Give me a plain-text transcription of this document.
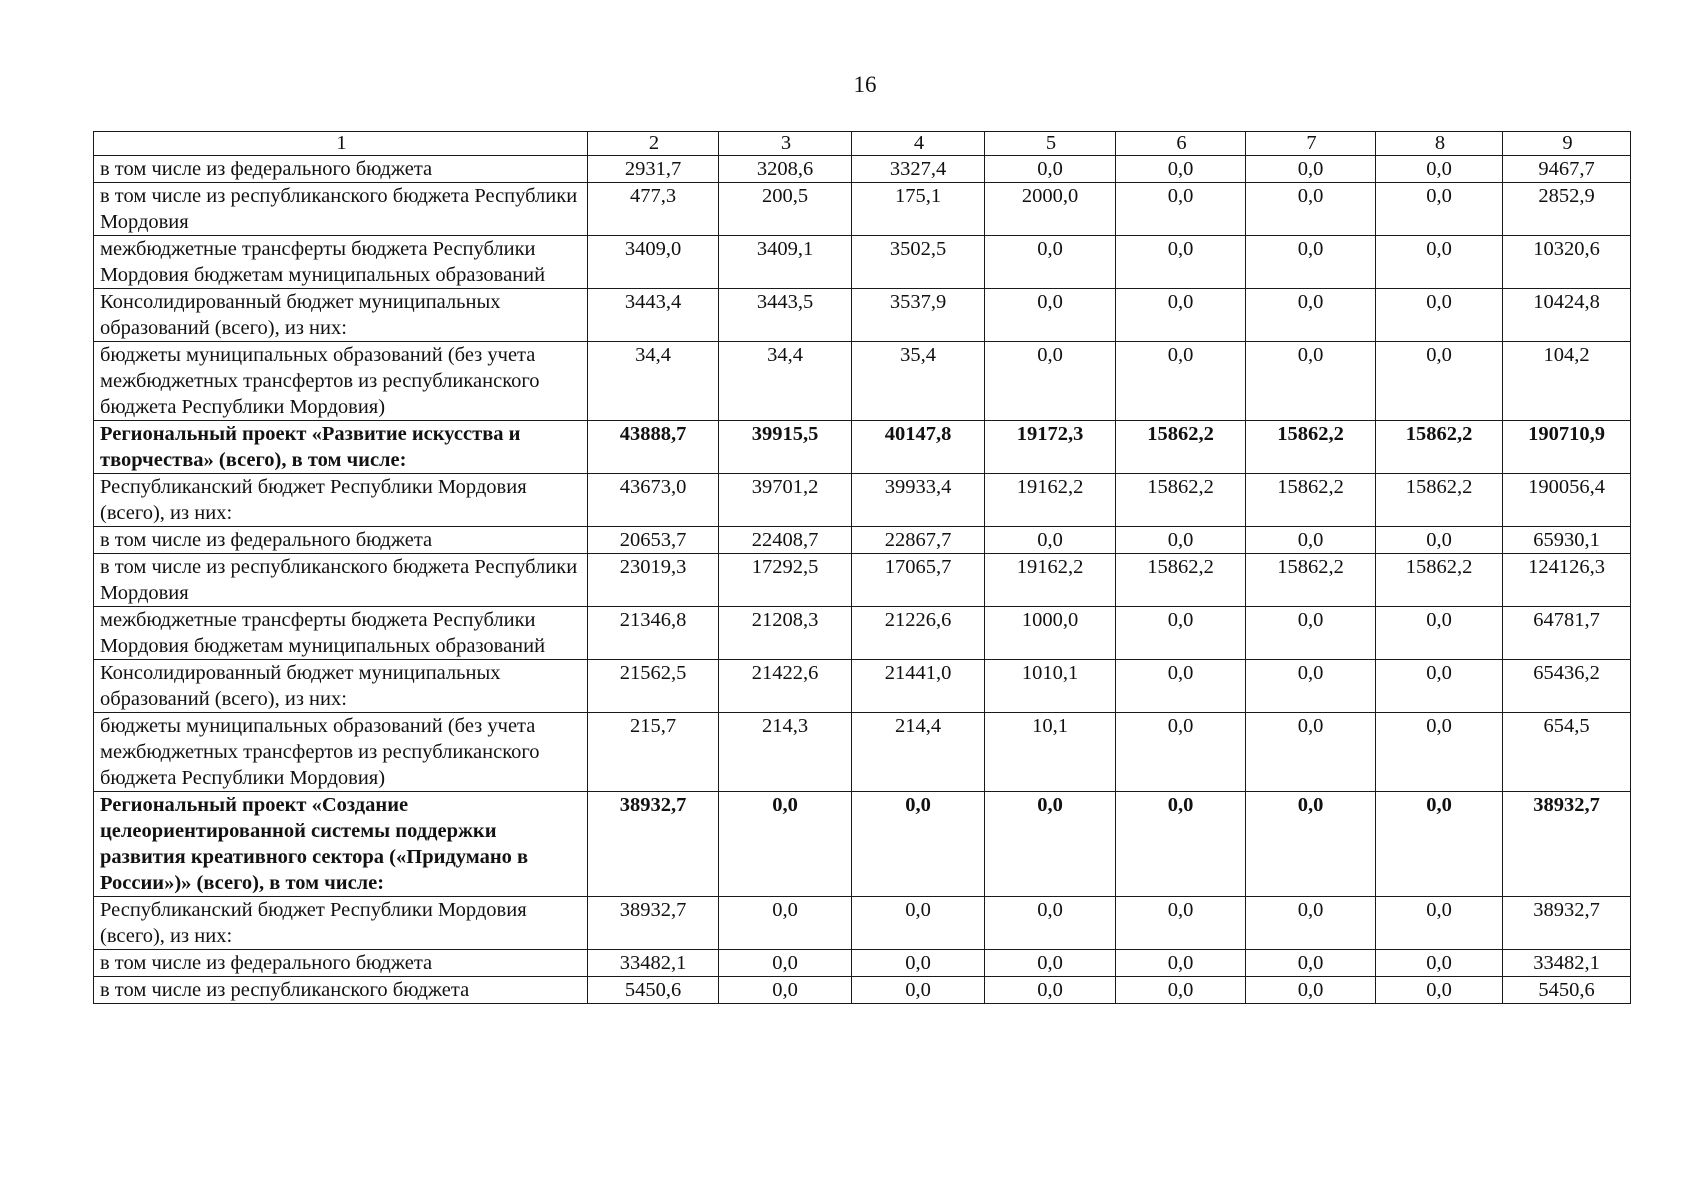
16
1	2	3	4	5	6	7	8	9
в том числе из федерального бюджета	2931,7	3208,6	3327,4	0,0	0,0	0,0	0,0	9467,7
в том числе из республиканского бюджета Республики Мордовия	477,3	200,5	175,1	2000,0	0,0	0,0	0,0	2852,9
межбюджетные трансферты бюджета Республики Мордовия бюджетам муниципальных образований	3409,0	3409,1	3502,5	0,0	0,0	0,0	0,0	10320,6
Консолидированный бюджет муниципальных образований (всего), из них:	3443,4	3443,5	3537,9	0,0	0,0	0,0	0,0	10424,8
бюджеты муниципальных образований (без учета межбюджетных трансфертов из республиканского бюджета Республики Мордовия)	34,4	34,4	35,4	0,0	0,0	0,0	0,0	104,2
Региональный проект «Развитие искусства и творчества» (всего), в том числе:	43888,7	39915,5	40147,8	19172,3	15862,2	15862,2	15862,2	190710,9
Республиканский бюджет Республики Мордовия (всего), из них:	43673,0	39701,2	39933,4	19162,2	15862,2	15862,2	15862,2	190056,4
в том числе из федерального бюджета	20653,7	22408,7	22867,7	0,0	0,0	0,0	0,0	65930,1
в том числе из республиканского бюджета Республики Мордовия	23019,3	17292,5	17065,7	19162,2	15862,2	15862,2	15862,2	124126,3
межбюджетные трансферты бюджета Республики Мордовия бюджетам муниципальных образований	21346,8	21208,3	21226,6	1000,0	0,0	0,0	0,0	64781,7
Консолидированный бюджет муниципальных образований (всего), из них:	21562,5	21422,6	21441,0	1010,1	0,0	0,0	0,0	65436,2
бюджеты муниципальных образований (без учета межбюджетных трансфертов из республиканского бюджета Республики Мордовия)	215,7	214,3	214,4	10,1	0,0	0,0	0,0	654,5
Региональный проект «Создание целеориентированной системы поддержки развития креативного сектора («Придумано в России»)» (всего), в том числе:	38932,7	0,0	0,0	0,0	0,0	0,0	0,0	38932,7
Республиканский бюджет Республики Мордовия (всего), из них:	38932,7	0,0	0,0	0,0	0,0	0,0	0,0	38932,7
в том числе из федерального бюджета	33482,1	0,0	0,0	0,0	0,0	0,0	0,0	33482,1
в том числе из республиканского бюджета	5450,6	0,0	0,0	0,0	0,0	0,0	0,0	5450,6
